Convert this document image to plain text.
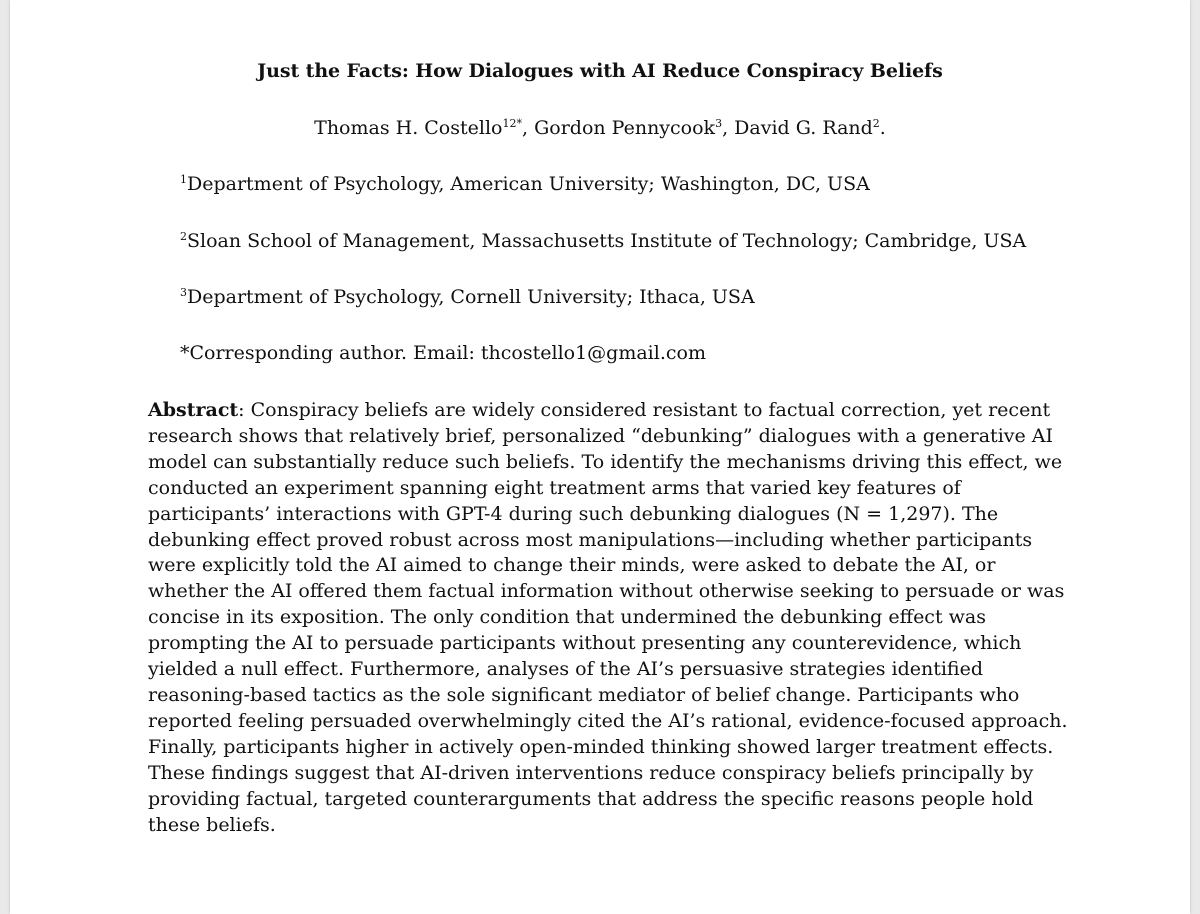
Just the Facts: How Dialogues with AI Reduce Conspiracy Beliefs
Thomas H. Costello$^{12*}$, Gordon Pennycook$^3$, David G. Rand$^2$.
$^1$Department of Psychology, American University; Washington, DC, USA
$^2$Sloan School of Management, Massachusetts Institute of Technology; Cambridge, USA
$^3$Department of Psychology, Cornell University; Ithaca, USA
*Corresponding author. Email: thcostello1@gmail.com
Abstract: Conspiracy beliefs are widely considered resistant to factual correction, yet recent
research shows that relatively brief, personalized “debunking” dialogues with a generative AI
model can substantially reduce such beliefs. To identify the mechanisms driving this effect, we
conducted an experiment spanning eight treatment arms that varied key features of
participants’ interactions with GPT-4 during such debunking dialogues (N = 1,297). The
debunking effect proved robust across most manipulations—including whether participants
were explicitly told the AI aimed to change their minds, were asked to debate the AI, or
whether the AI offered them factual information without otherwise seeking to persuade or was
concise in its exposition. The only condition that undermined the debunking effect was
prompting the AI to persuade participants without presenting any counterevidence, which
yielded a null effect. Furthermore, analyses of the AI’s persuasive strategies identified
reasoning-based tactics as the sole significant mediator of belief change. Participants who
reported feeling persuaded overwhelmingly cited the AI’s rational, evidence-focused approach.
Finally, participants higher in actively open-minded thinking showed larger treatment effects.
These findings suggest that AI-driven interventions reduce conspiracy beliefs principally by
providing factual, targeted counterarguments that address the specific reasons people hold
these beliefs.
